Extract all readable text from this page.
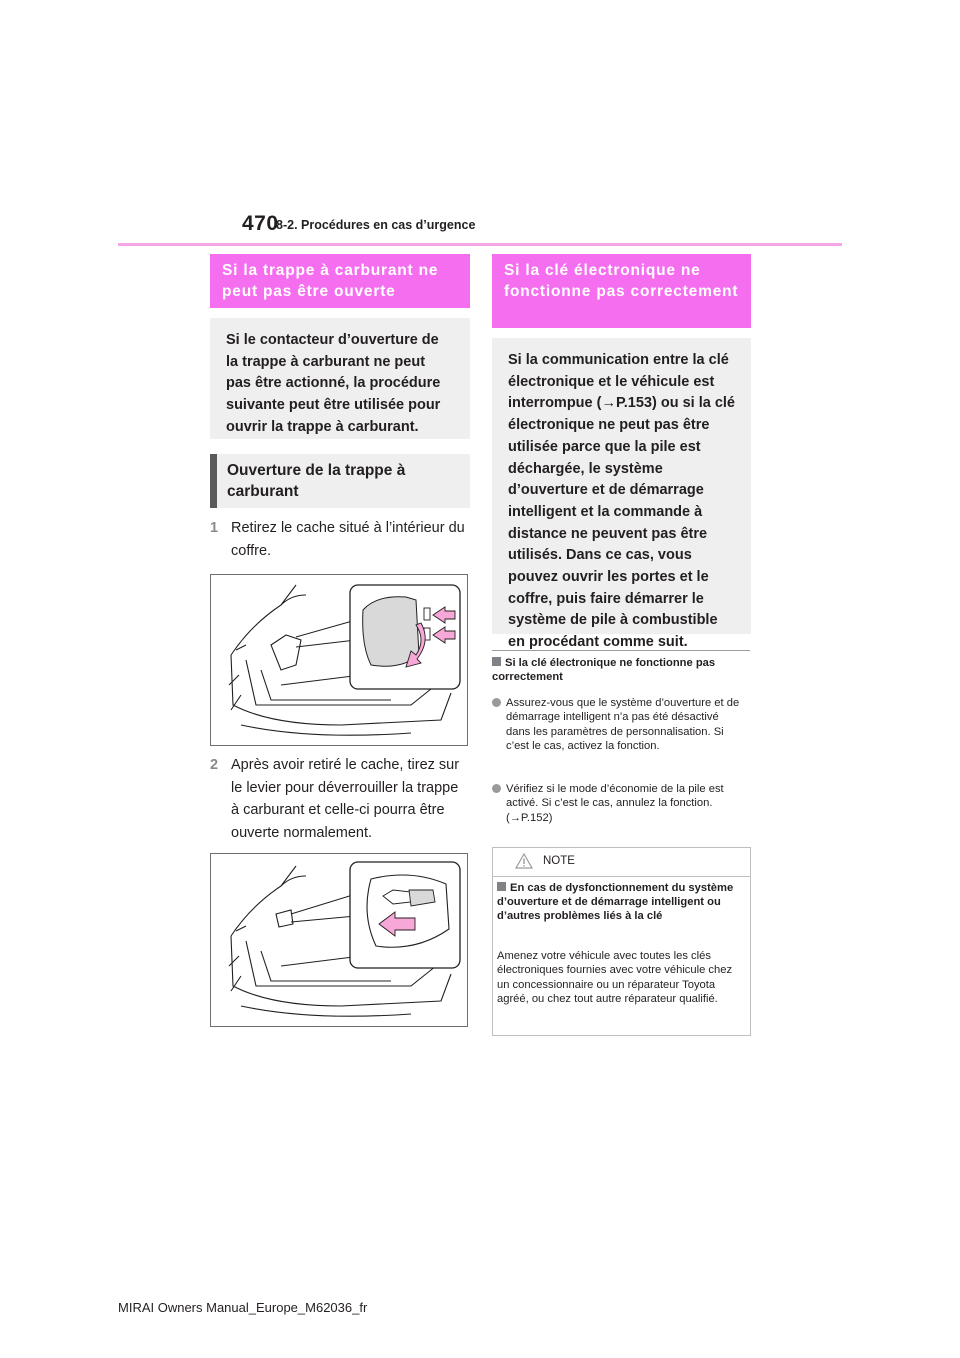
470
8-2. Procédures en cas d’urgence
Si la trappe à carburant ne peut pas être ouverte
Si le contacteur d’ouverture de la trappe à carburant ne peut pas être actionné, la procédure suivante peut être utilisée pour ouvrir la trappe à carburant.
Ouverture de la trappe à carburant
1 Retirez le cache situé à l’intérieur du coffre.
2 Après avoir retiré le cache, tirez sur le levier pour déverrouiller la trappe à carburant et celle-ci pourra être ouverte normalement.
Si la clé électronique ne fonctionne pas correctement
Si la communication entre la clé électronique et le véhicule est interrompue (→P.153) ou si la clé électronique ne peut pas être utilisée parce que la pile est déchargée, le système d’ouverture et de démarrage intelligent et la commande à distance ne peuvent pas être utilisés. Dans ce cas, vous pouvez ouvrir les portes et le coffre, puis faire démarrer le système de pile à combustible en procédant comme suit.
Si la clé électronique ne fonctionne pas correctement
Assurez-vous que le système d’ouverture et de démarrage intelligent n’a pas été désactivé dans les paramètres de personnalisation. Si c’est le cas, activez la fonction.
Vérifiez si le mode d’économie de la pile est activé. Si c’est le cas, annulez la fonction. (→P.152)
NOTE
En cas de dysfonctionnement du système d’ouverture et de démarrage intelligent ou d’autres problèmes liés à la clé
Amenez votre véhicule avec toutes les clés électroniques fournies avec votre véhicule chez un concessionnaire ou un réparateur Toyota agréé, ou chez tout autre réparateur qualifié.
MIRAI Owners Manual_Europe_M62036_fr
